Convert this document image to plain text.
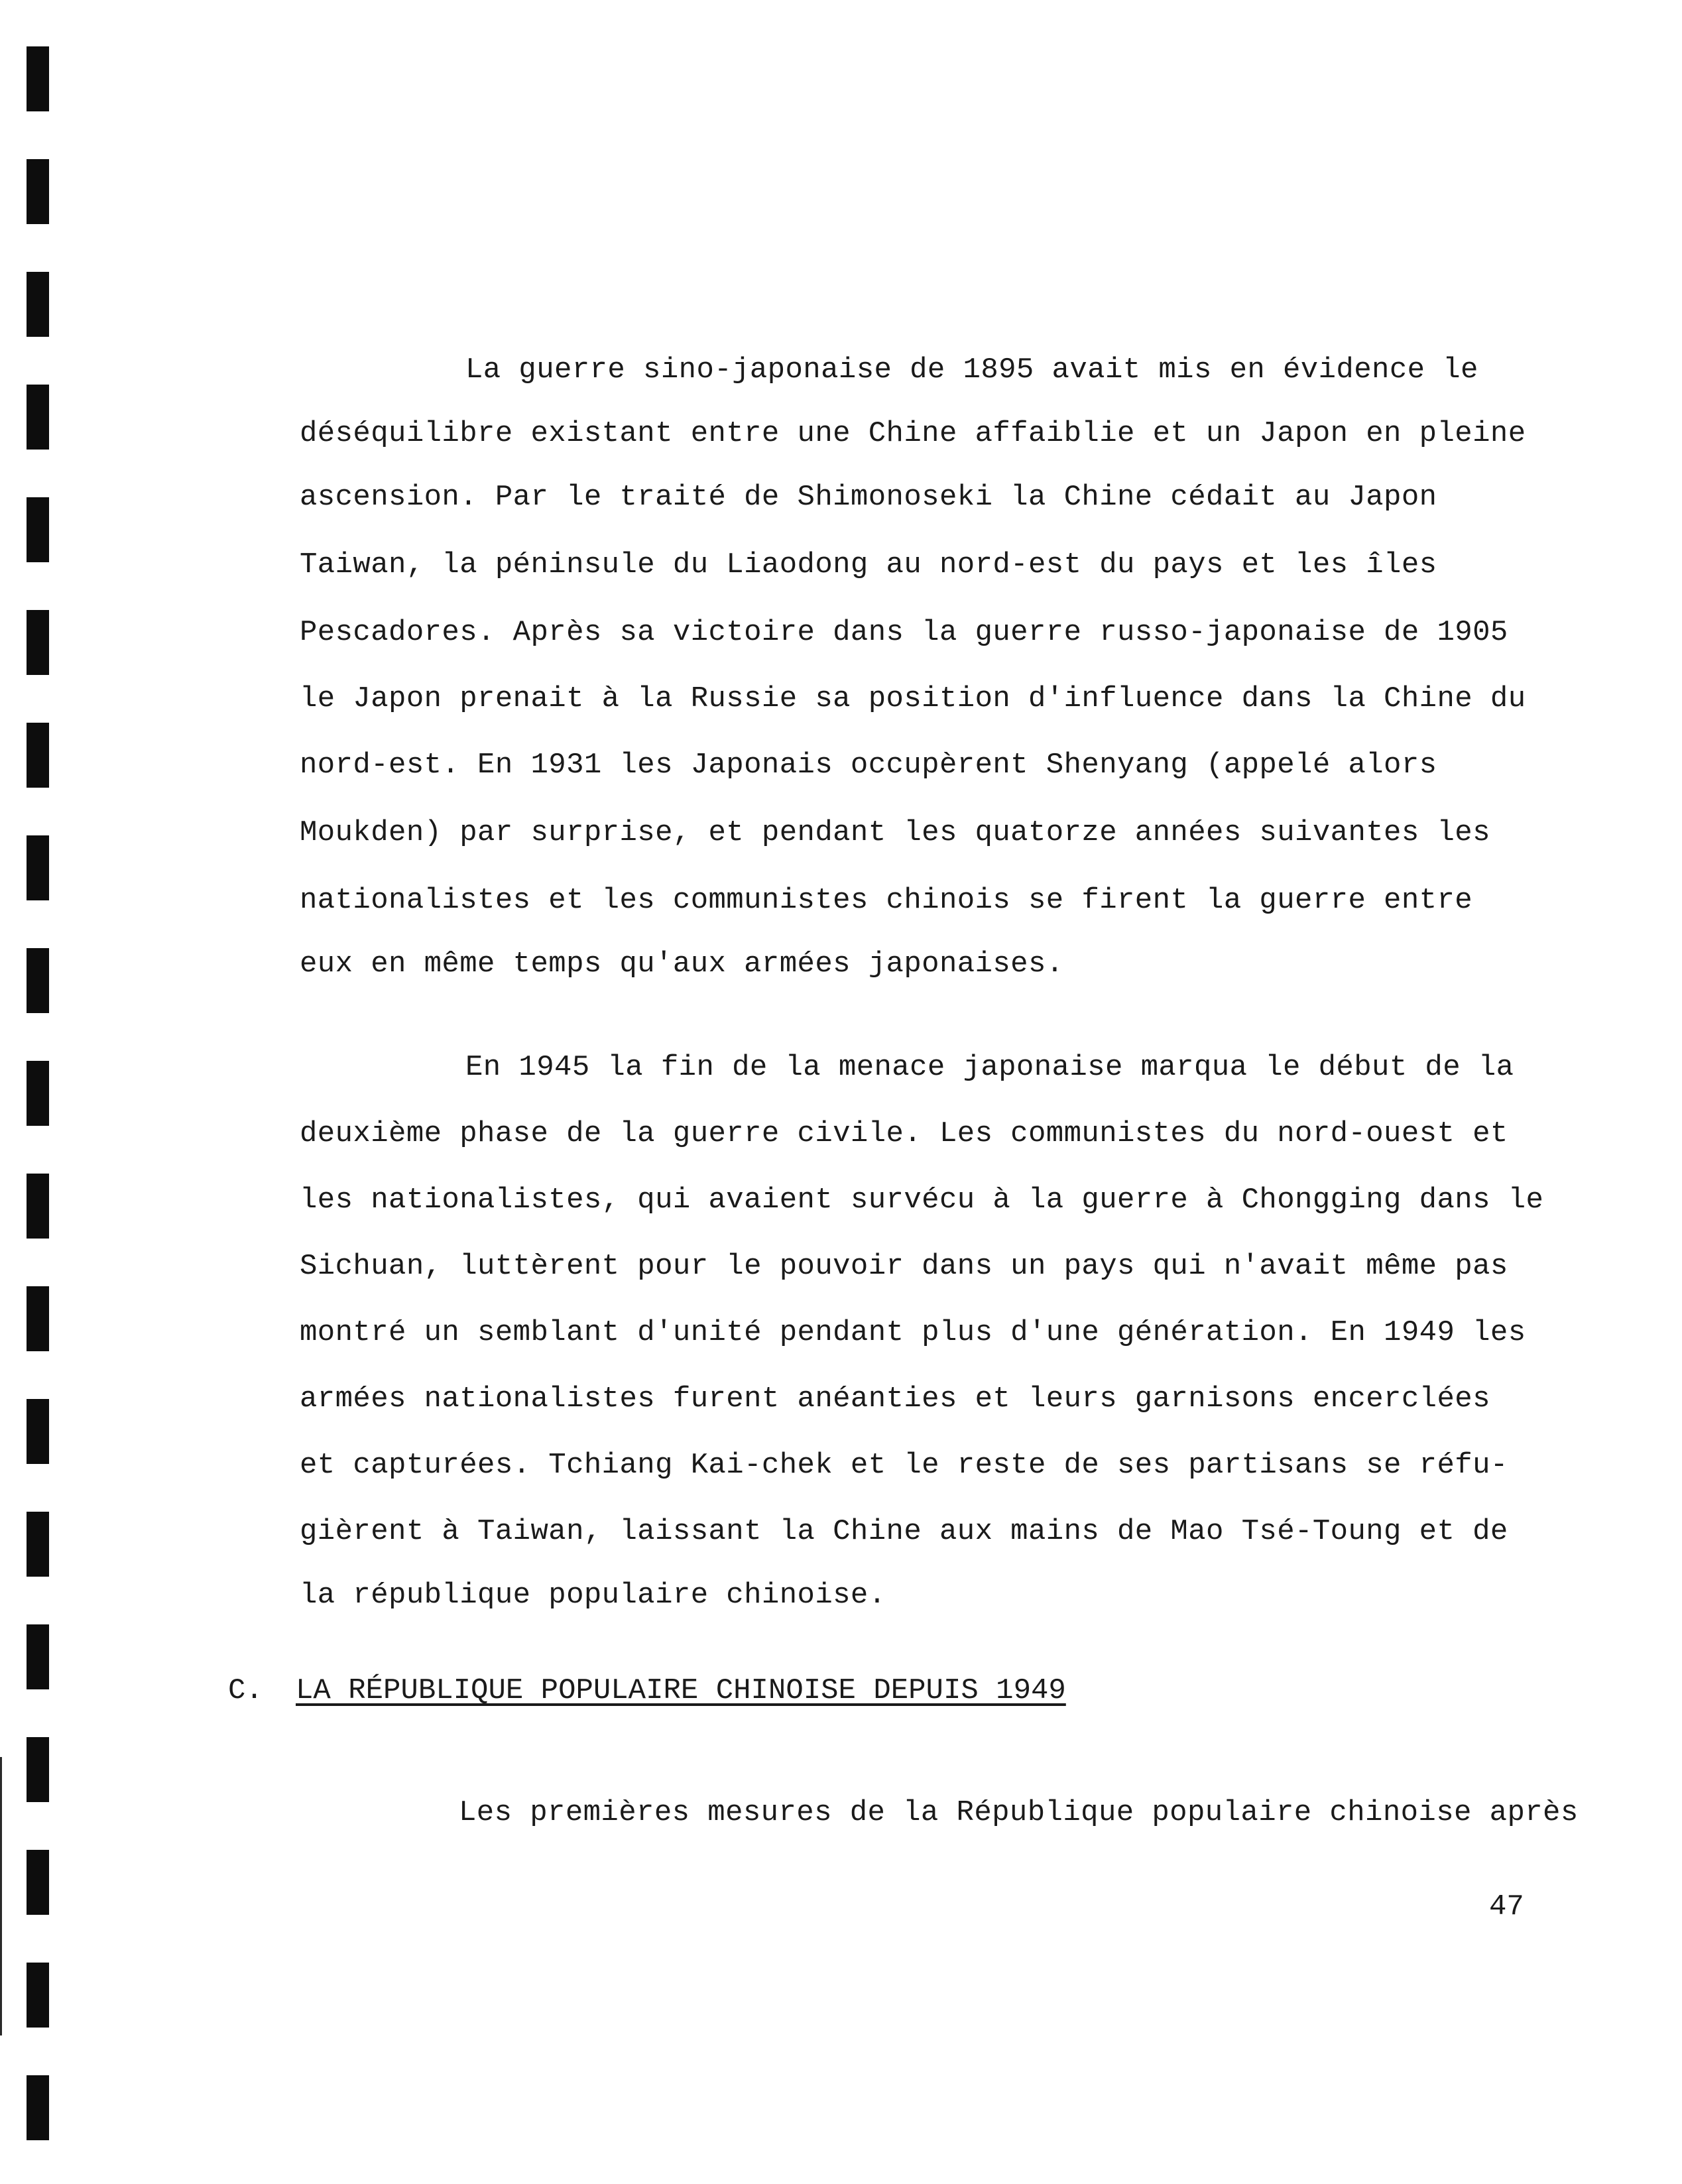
La guerre sino-japonaise de 1895 avait mis en évidence le
déséquilibre existant entre une Chine affaiblie et un Japon en pleine
ascension. Par le traité de Shimonoseki la Chine cédait au Japon
Taiwan, la péninsule du Liaodong au nord-est du pays et les îles
Pescadores. Après sa victoire dans la guerre russo-japonaise de 1905
le Japon prenait à la Russie sa position d'influence dans la Chine du
nord-est. En 1931 les Japonais occupèrent Shenyang (appelé alors
Moukden) par surprise, et pendant les quatorze années suivantes les
nationalistes et les communistes chinois se firent la guerre entre
eux en même temps qu'aux armées japonaises.
En 1945 la fin de la menace japonaise marqua le début de la
deuxième phase de la guerre civile. Les communistes du nord-ouest et
les nationalistes, qui avaient survécu à la guerre à Chongging dans le
Sichuan, luttèrent pour le pouvoir dans un pays qui n'avait même pas
montré un semblant d'unité pendant plus d'une génération. En 1949 les
armées nationalistes furent anéanties et leurs garnisons encerclées
et capturées. Tchiang Kai-chek et le reste de ses partisans se réfu-
gièrent à Taiwan, laissant la Chine aux mains de Mao Tsé-Toung et de
la république populaire chinoise.
C. LA RÉPUBLIQUE POPULAIRE CHINOISE DEPUIS 1949
Les premières mesures de la République populaire chinoise après
47
